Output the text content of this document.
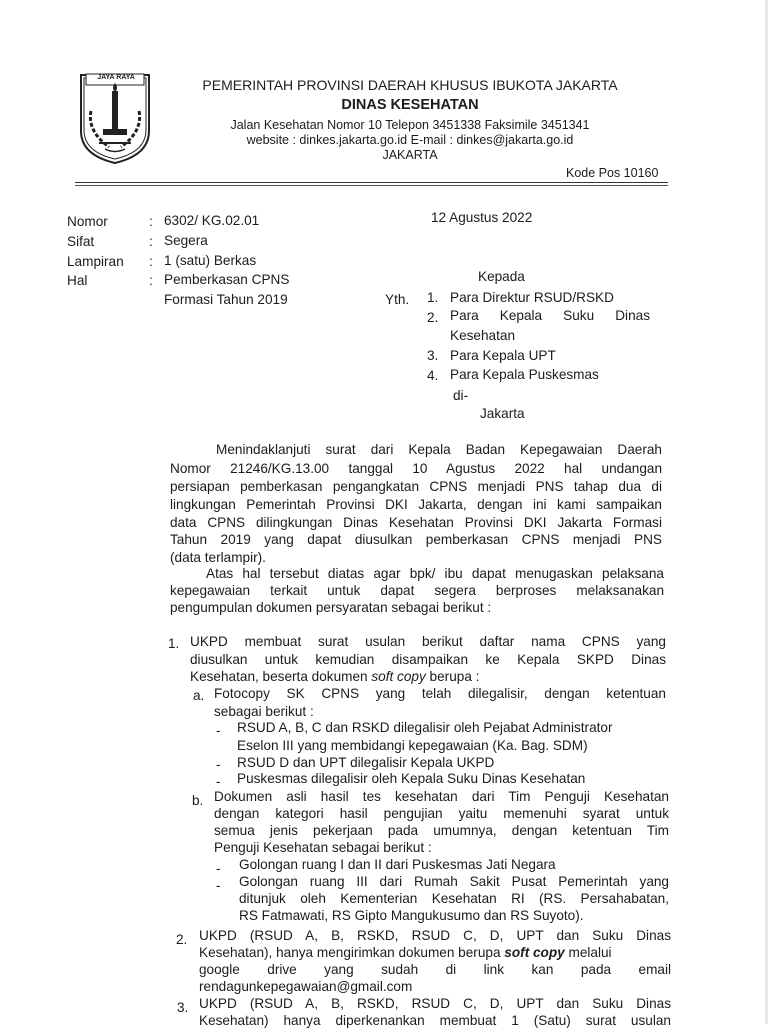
JAYA RAYA	PEMERINTAH PROVINSI DAERAH KHUSUS IBUKOTA JAKARTA
DINAS KESEHATAN
Jalan Kesehatan Nomor 10 Telepon 3451338 Faksimile 3451341
website : dinkes.jakarta.go.id E-mail : dinkes@jakarta.go.id
JAKARTA
Kode Pos 10160
Nomor
Sifat
Lampiran
Hal
:
:
:
:
6302/ KG.02.01
Segera
1 (satu) Berkas
Pemberkasan CPNS
Formasi Tahun 2019
12 Agustus 2022
Kepada
Yth. 1. Para Direktur RSUD/RSKD
2. Para Kepala Suku Dinas
Kesehatan
3. Para Kepala UPT
4. Para Kepala Puskesmas
di-
Jakarta
Menindaklanjuti surat dari Kepala Badan Kepegawaian Daerah
Nomor 21246/KG.13.00 tanggal 10 Agustus 2022 hal undangan
persiapan pemberkasan pengangkatan CPNS menjadi PNS tahap dua di
lingkungan Pemerintah Provinsi DKI Jakarta, dengan ini kami sampaikan
data CPNS dilingkungan Dinas Kesehatan Provinsi DKI Jakarta Formasi
Tahun 2019 yang dapat diusulkan pemberkasan CPNS menjadi PNS
(data terlampir).
Atas hal tersebut diatas agar bpk/ ibu dapat menugaskan pelaksana
kepegawaian terkait untuk dapat segera berproses melaksanakan
pengumpulan dokumen persyaratan sebagai berikut :
1. UKPD membuat surat usulan berikut daftar nama CPNS yang
diusulkan untuk kemudian disampaikan ke Kepala SKPD Dinas
Kesehatan, beserta dokumen soft copy berupa :
a. Fotocopy SK CPNS yang telah dilegalisir, dengan ketentuan
sebagai berikut :
- RSUD A, B, C dan RSKD dilegalisir oleh Pejabat Administrator
Eselon III yang membidangi kepegawaian (Ka. Bag. SDM)
- RSUD D dan UPT dilegalisir Kepala UKPD
- Puskesmas dilegalisir oleh Kepala Suku Dinas Kesehatan
b. Dokumen asli hasil tes kesehatan dari Tim Penguji Kesehatan
dengan kategori hasil pengujian yaitu memenuhi syarat untuk
semua jenis pekerjaan pada umumnya, dengan ketentuan Tim
Penguji Kesehatan sebagai berikut :
- Golongan ruang I dan II dari Puskesmas Jati Negara
- Golongan ruang III dari Rumah Sakit Pusat Pemerintah yang
ditunjuk oleh Kementerian Kesehatan RI (RS. Persahabatan,
RS Fatmawati, RS Gipto Mangukusumo dan RS Suyoto).
2. UKPD (RSUD A, B, RSKD, RSUD C, D, UPT dan Suku Dinas
Kesehatan), hanya mengirimkan dokumen berupa soft copy melalui
google drive yang sudah di link kan pada email
rendagunkepegawaian@gmail.com
3. UKPD (RSUD A, B, RSKD, RSUD C, D, UPT dan Suku Dinas
Kesehatan) hanya diperkenankan membuat 1 (Satu) surat usulan
